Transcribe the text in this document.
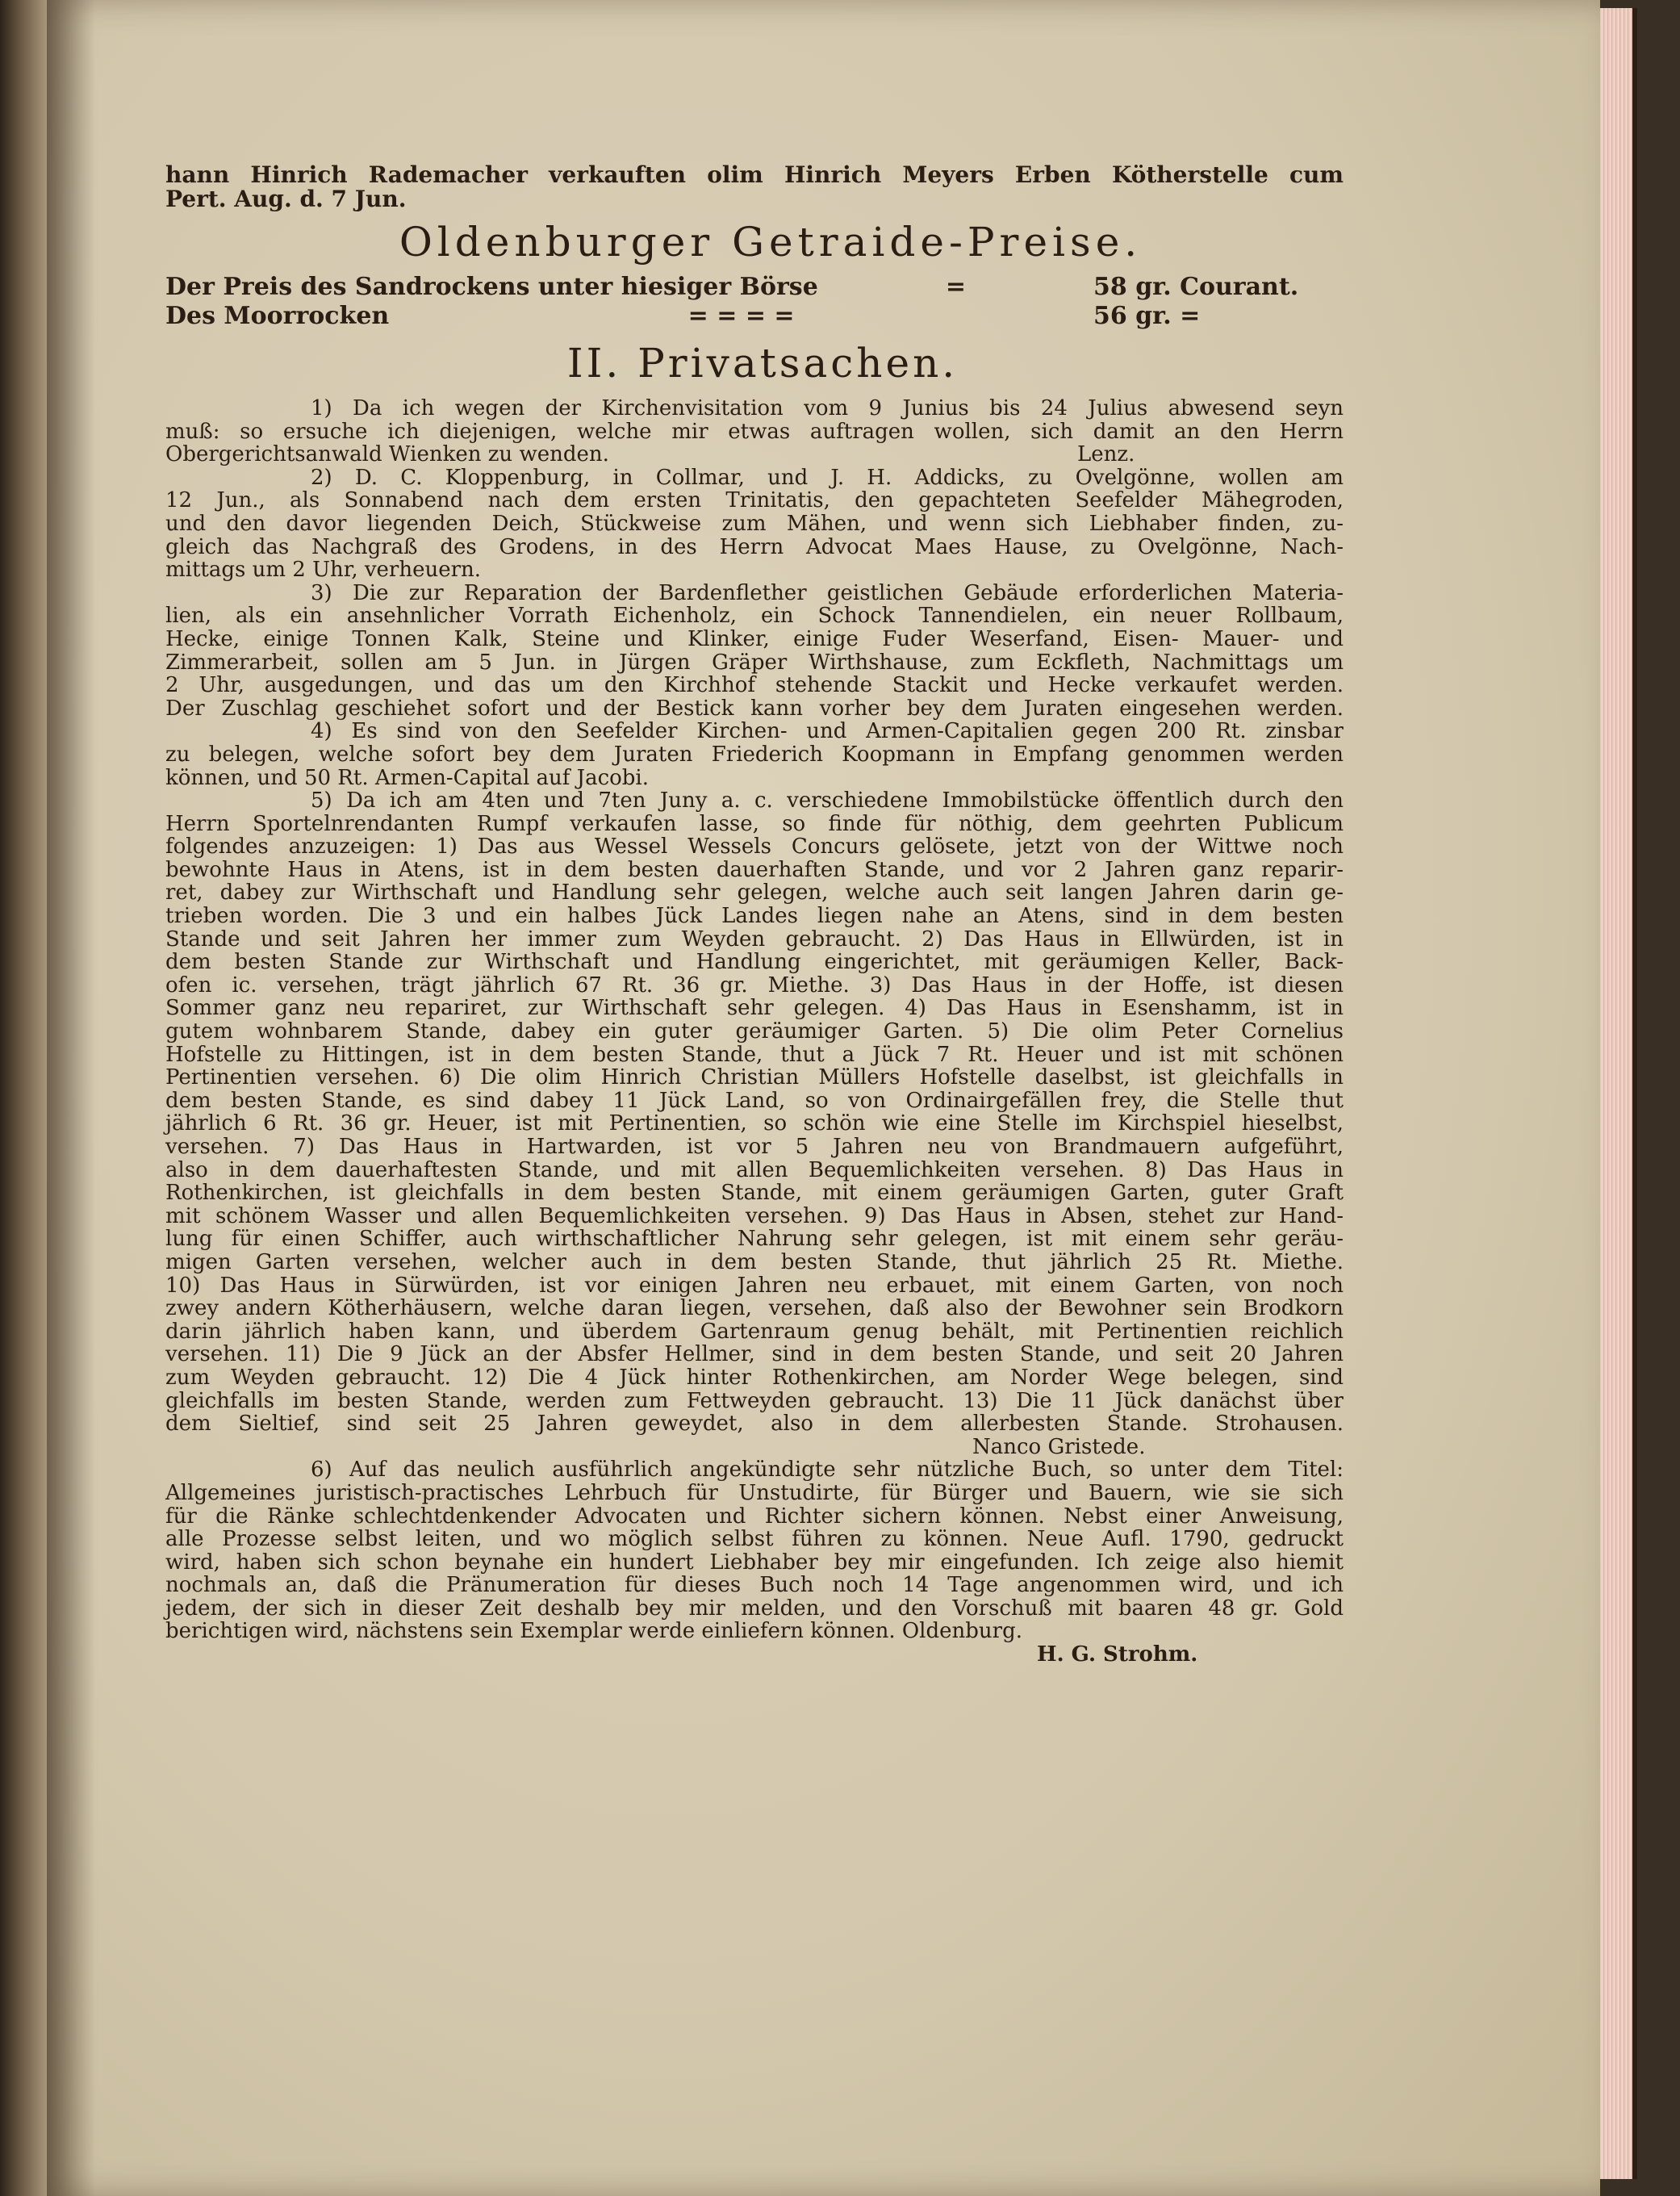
hann Hinrich Rademacher verkauften olim Hinrich Meyers Erben Kötherstelle cum
Pert. Aug. d. 7 Jun.
Oldenburger Getraide-Preise.
Der Preis des Sandrockens unter hiesiger Börse	=	58 gr. Courant.
Des Moorrocken	= = = =	56 gr. =
II. Privatsachen.
1) Da ich wegen der Kirchenvisitation vom 9 Junius bis 24 Julius abwesend seyn
muß: so ersuche ich diejenigen, welche mir etwas auftragen wollen, sich damit an den Herrn
Obergerichtsanwald Wienken zu wenden.	Lenz.
2) D. C. Kloppenburg, in Collmar, und J. H. Addicks, zu Ovelgönne, wollen am
12 Jun., als Sonnabend nach dem ersten Trinitatis, den gepachteten Seefelder Mähegroden,
und den davor liegenden Deich, Stückweise zum Mähen, und wenn sich Liebhaber finden, zu-
gleich das Nachgraß des Grodens, in des Herrn Advocat Maes Hause, zu Ovelgönne, Nach-
mittags um 2 Uhr, verheuern.
3) Die zur Reparation der Bardenflether geistlichen Gebäude erforderlichen Materia-
lien, als ein ansehnlicher Vorrath Eichenholz, ein Schock Tannendielen, ein neuer Rollbaum,
Hecke, einige Tonnen Kalk, Steine und Klinker, einige Fuder Weserfand, Eisen- Mauer- und
Zimmerarbeit, sollen am 5 Jun. in Jürgen Gräper Wirthshause, zum Eckfleth, Nachmittags um
2 Uhr, ausgedungen, und das um den Kirchhof stehende Stackit und Hecke verkaufet werden.
Der Zuschlag geschiehet sofort und der Bestick kann vorher bey dem Juraten eingesehen werden.
4) Es sind von den Seefelder Kirchen- und Armen-Capitalien gegen 200 Rt. zinsbar
zu belegen, welche sofort bey dem Juraten Friederich Koopmann in Empfang genommen werden
können, und 50 Rt. Armen-Capital auf Jacobi.
5) Da ich am 4ten und 7ten Juny a. c. verschiedene Immobilstücke öffentlich durch den
Herrn Sportelnrendanten Rumpf verkaufen lasse, so finde für nöthig, dem geehrten Publicum
folgendes anzuzeigen: 1) Das aus Wessel Wessels Concurs gelösete, jetzt von der Wittwe noch
bewohnte Haus in Atens, ist in dem besten dauerhaften Stande, und vor 2 Jahren ganz reparir-
ret, dabey zur Wirthschaft und Handlung sehr gelegen, welche auch seit langen Jahren darin ge-
trieben worden. Die 3 und ein halbes Jück Landes liegen nahe an Atens, sind in dem besten
Stande und seit Jahren her immer zum Weyden gebraucht. 2) Das Haus in Ellwürden, ist in
dem besten Stande zur Wirthschaft und Handlung eingerichtet, mit geräumigen Keller, Back-
ofen ic. versehen, trägt jährlich 67 Rt. 36 gr. Miethe. 3) Das Haus in der Hoffe, ist diesen
Sommer ganz neu repariret, zur Wirthschaft sehr gelegen. 4) Das Haus in Esenshamm, ist in
gutem wohnbarem Stande, dabey ein guter geräumiger Garten. 5) Die olim Peter Cornelius
Hofstelle zu Hittingen, ist in dem besten Stande, thut a Jück 7 Rt. Heuer und ist mit schönen
Pertinentien versehen. 6) Die olim Hinrich Christian Müllers Hofstelle daselbst, ist gleichfalls in
dem besten Stande, es sind dabey 11 Jück Land, so von Ordinairgefällen frey, die Stelle thut
jährlich 6 Rt. 36 gr. Heuer, ist mit Pertinentien, so schön wie eine Stelle im Kirchspiel hieselbst,
versehen. 7) Das Haus in Hartwarden, ist vor 5 Jahren neu von Brandmauern aufgeführt,
also in dem dauerhaftesten Stande, und mit allen Bequemlichkeiten versehen. 8) Das Haus in
Rothenkirchen, ist gleichfalls in dem besten Stande, mit einem geräumigen Garten, guter Graft
mit schönem Wasser und allen Bequemlichkeiten versehen. 9) Das Haus in Absen, stehet zur Hand-
lung für einen Schiffer, auch wirthschaftlicher Nahrung sehr gelegen, ist mit einem sehr geräu-
migen Garten versehen, welcher auch in dem besten Stande, thut jährlich 25 Rt. Miethe.
10) Das Haus in Sürwürden, ist vor einigen Jahren neu erbauet, mit einem Garten, von noch
zwey andern Kötherhäusern, welche daran liegen, versehen, daß also der Bewohner sein Brodkorn
darin jährlich haben kann, und überdem Gartenraum genug behält, mit Pertinentien reichlich
versehen. 11) Die 9 Jück an der Absfer Hellmer, sind in dem besten Stande, und seit 20 Jahren
zum Weyden gebraucht. 12) Die 4 Jück hinter Rothenkirchen, am Norder Wege belegen, sind
gleichfalls im besten Stande, werden zum Fettweyden gebraucht. 13) Die 11 Jück danächst über
dem Sieltief, sind seit 25 Jahren geweydet, also in dem allerbesten Stande. Strohausen.
Nanco Gristede.
6) Auf das neulich ausführlich angekündigte sehr nützliche Buch, so unter dem Titel:
Allgemeines juristisch-practisches Lehrbuch für Unstudirte, für Bürger und Bauern, wie sie sich
für die Ränke schlechtdenkender Advocaten und Richter sichern können. Nebst einer Anweisung,
alle Prozesse selbst leiten, und wo möglich selbst führen zu können. Neue Aufl. 1790, gedruckt
wird, haben sich schon beynahe ein hundert Liebhaber bey mir eingefunden. Ich zeige also hiemit
nochmals an, daß die Pränumeration für dieses Buch noch 14 Tage angenommen wird, und ich
jedem, der sich in dieser Zeit deshalb bey mir melden, und den Vorschuß mit baaren 48 gr. Gold
berichtigen wird, nächstens sein Exemplar werde einliefern können. Oldenburg.
H. G. Strohm.
